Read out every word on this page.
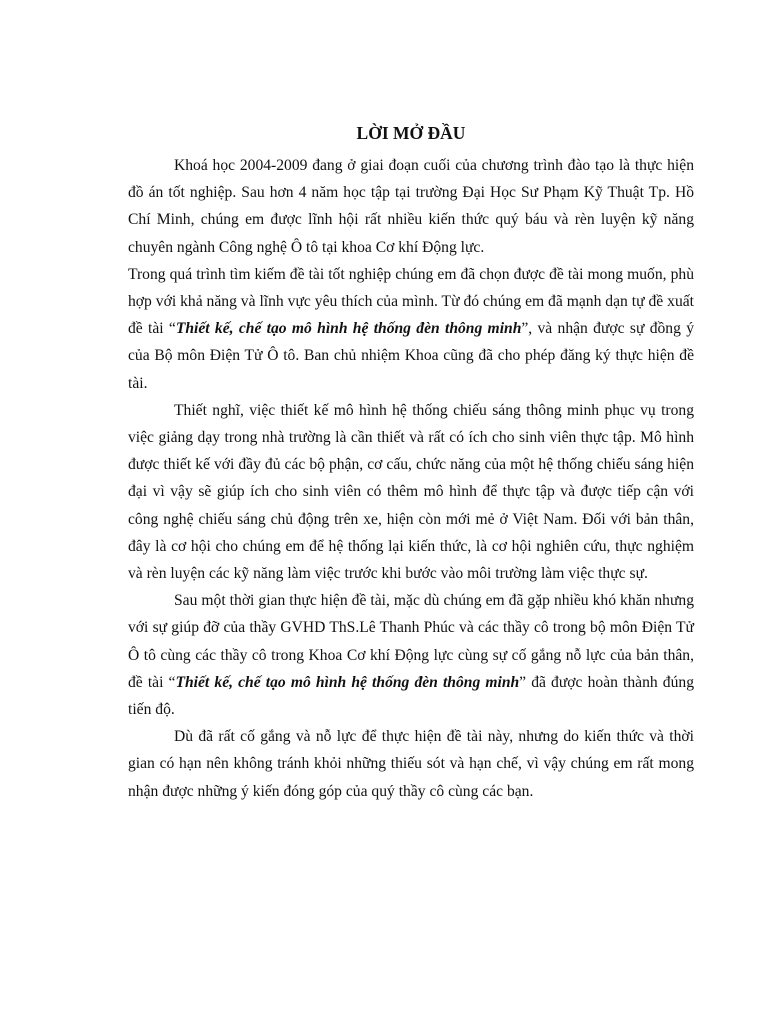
LỜI MỞ ĐẦU

Khoá học 2004-2009 đang ở giai đoạn cuối của chương trình đào tạo là thực hiện đồ án tốt nghiệp. Sau hơn 4 năm học tập tại trường Đại Học Sư Phạm Kỹ Thuật Tp. Hồ Chí Minh, chúng em được lĩnh hội rất nhiều kiến thức quý báu và rèn luyện kỹ năng chuyên ngành Công nghệ Ô tô tại khoa Cơ khí Động lực.

Trong quá trình tìm kiếm đề tài tốt nghiệp chúng em đã chọn được đề tài mong muốn, phù hợp với khả năng và lĩnh vực yêu thích của mình. Từ đó chúng em đã mạnh dạn tự đề xuất đề tài “Thiết kế, chế tạo mô hình hệ thống đèn thông minh”, và nhận được sự đồng ý của Bộ môn Điện Tử Ô tô. Ban chủ nhiệm Khoa cũng đã cho phép đăng ký thực hiện đề tài.

Thiết nghĩ, việc thiết kế mô hình hệ thống chiếu sáng thông minh phục vụ trong việc giảng dạy trong nhà trường là cần thiết và rất có ích cho sinh viên thực tập. Mô hình được thiết kế với đầy đủ các bộ phận, cơ cấu, chức năng của một hệ thống chiếu sáng hiện đại vì vậy sẽ giúp ích cho sinh viên có thêm mô hình để thực tập và được tiếp cận với công nghệ chiếu sáng chủ động trên xe, hiện còn mới mẻ ở Việt Nam. Đối với bản thân, đây là cơ hội cho chúng em để hệ thống lại kiến thức, là cơ hội nghiên cứu, thực nghiệm và rèn luyện các kỹ năng làm việc trước khi bước vào môi trường làm việc thực sự.

Sau một thời gian thực hiện đề tài, mặc dù chúng em đã gặp nhiều khó khăn nhưng với sự giúp đỡ của thầy GVHD ThS.Lê Thanh Phúc và các thầy cô trong bộ môn Điện Tử Ô tô cùng các thầy cô trong Khoa Cơ khí Động lực cùng sự cố gắng nỗ lực của bản thân, đề tài “Thiết kế, chế tạo mô hình hệ thống đèn thông minh” đã được hoàn thành đúng tiến độ.

Dù đã rất cố gắng và nỗ lực để thực hiện đề tài này, nhưng do kiến thức và thời gian có hạn nên không tránh khỏi những thiếu sót và hạn chế, vì vậy chúng em rất mong nhận được những ý kiến đóng góp của quý thầy cô cùng các bạn.
